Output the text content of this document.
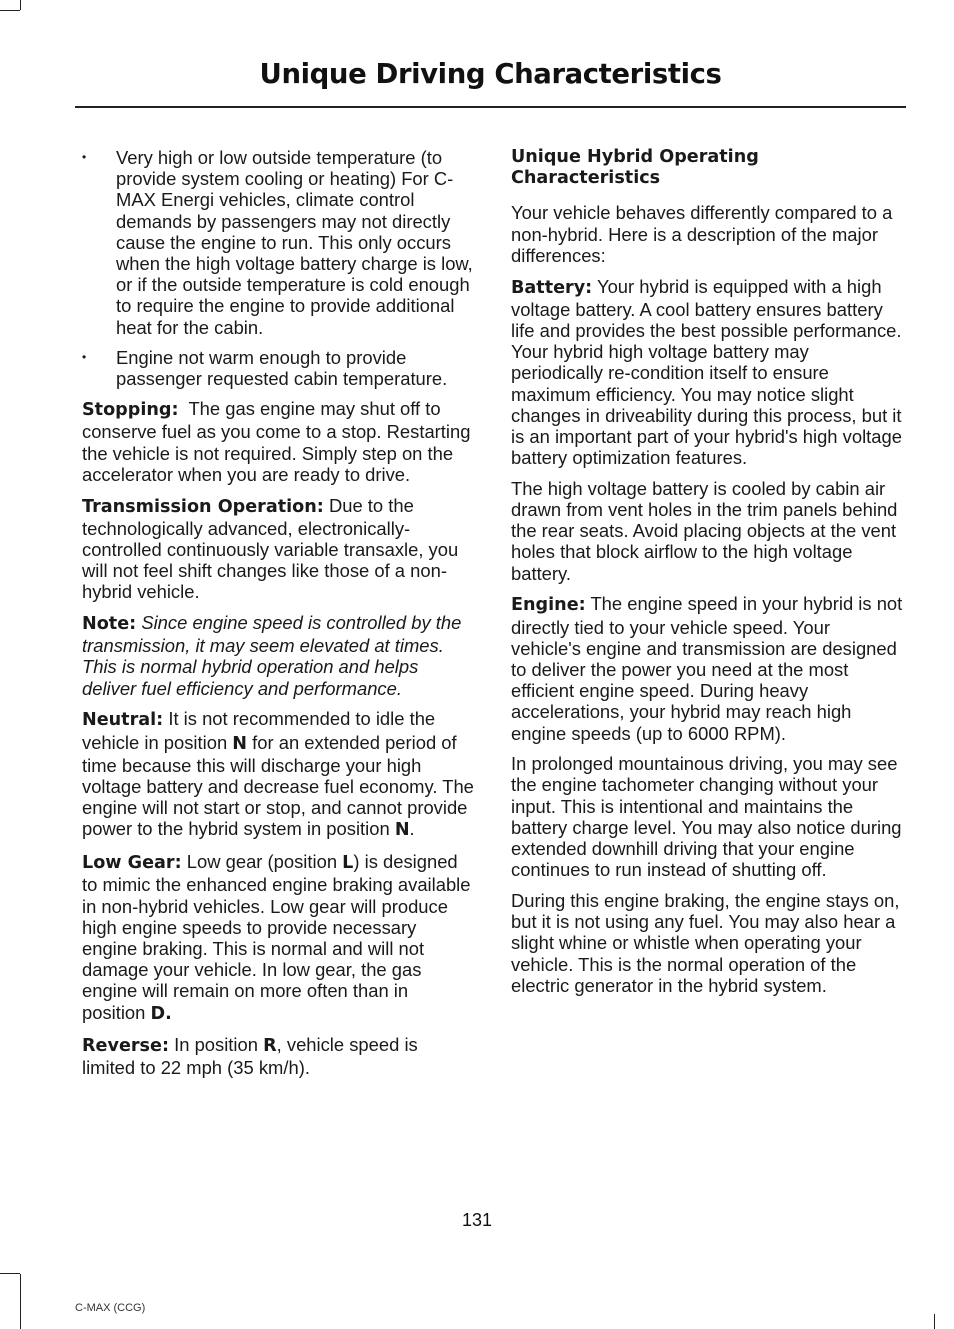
Unique Driving Characteristics
• Very high or low outside temperature (to provide system cooling or heating) For C-MAX Energi vehicles, climate control demands by passengers may not directly cause the engine to run. This only occurs when the high voltage battery charge is low, or if the outside temperature is cold enough to require the engine to provide additional heat for the cabin.
• Engine not warm enough to provide passenger requested cabin temperature.

Stopping: The gas engine may shut off to conserve fuel as you come to a stop. Restarting the vehicle is not required. Simply step on the accelerator when you are ready to drive.

Transmission Operation: Due to the technologically advanced, electronically-controlled continuously variable transaxle, you will not feel shift changes like those of a non-hybrid vehicle.

Note: Since engine speed is controlled by the transmission, it may seem elevated at times. This is normal hybrid operation and helps deliver fuel efficiency and performance.

Neutral: It is not recommended to idle the vehicle in position N for an extended period of time because this will discharge your high voltage battery and decrease fuel economy. The engine will not start or stop, and cannot provide power to the hybrid system in position N.

Low Gear: Low gear (position L) is designed to mimic the enhanced engine braking available in non-hybrid vehicles. Low gear will produce high engine speeds to provide necessary engine braking. This is normal and will not damage your vehicle. In low gear, the gas engine will remain on more often than in position D.

Reverse: In position R, vehicle speed is limited to 22 mph (35 km/h).

Unique Hybrid Operating Characteristics

Your vehicle behaves differently compared to a non-hybrid. Here is a description of the major differences:

Battery: Your hybrid is equipped with a high voltage battery. A cool battery ensures battery life and provides the best possible performance. Your hybrid high voltage battery may periodically re-condition itself to ensure maximum efficiency. You may notice slight changes in driveability during this process, but it is an important part of your hybrid's high voltage battery optimization features.

The high voltage battery is cooled by cabin air drawn from vent holes in the trim panels behind the rear seats. Avoid placing objects at the vent holes that block airflow to the high voltage battery.

Engine: The engine speed in your hybrid is not directly tied to your vehicle speed. Your vehicle's engine and transmission are designed to deliver the power you need at the most efficient engine speed. During heavy accelerations, your hybrid may reach high engine speeds (up to 6000 RPM).

In prolonged mountainous driving, you may see the engine tachometer changing without your input. This is intentional and maintains the battery charge level. You may also notice during extended downhill driving that your engine continues to run instead of shutting off.

During this engine braking, the engine stays on, but it is not using any fuel. You may also hear a slight whine or whistle when operating your vehicle. This is the normal operation of the electric generator in the hybrid system.

131
C-MAX (CCG)
